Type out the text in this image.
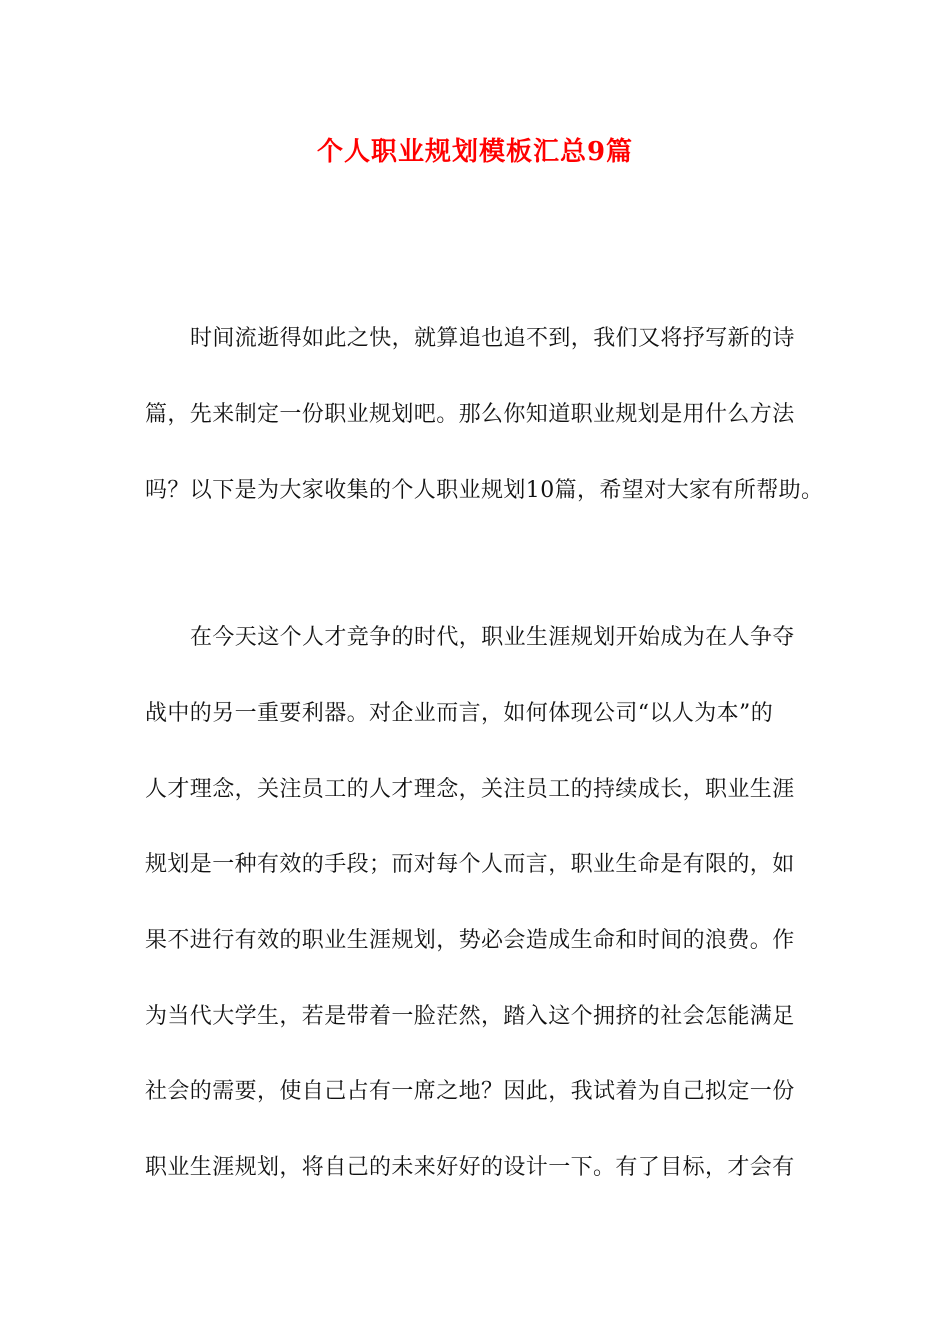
个人职业规划模板汇总9篇
时间流逝得如此之快，就算追也追不到，我们又将抒写新的诗
篇，先来制定一份职业规划吧。那么你知道职业规划是用什么方法
吗？以下是为大家收集的个人职业规划10篇，希望对大家有所帮助。
在今天这个人才竞争的时代，职业生涯规划开始成为在人争夺
战中的另一重要利器。对企业而言，如何体现公司“以人为本”的
人才理念，关注员工的人才理念，关注员工的持续成长，职业生涯
规划是一种有效的手段；而对每个人而言，职业生命是有限的，如
果不进行有效的职业生涯规划，势必会造成生命和时间的浪费。作
为当代大学生，若是带着一脸茫然，踏入这个拥挤的社会怎能满足
社会的需要，使自己占有一席之地？因此，我试着为自己拟定一份
职业生涯规划，将自己的未来好好的设计一下。有了目标，才会有
